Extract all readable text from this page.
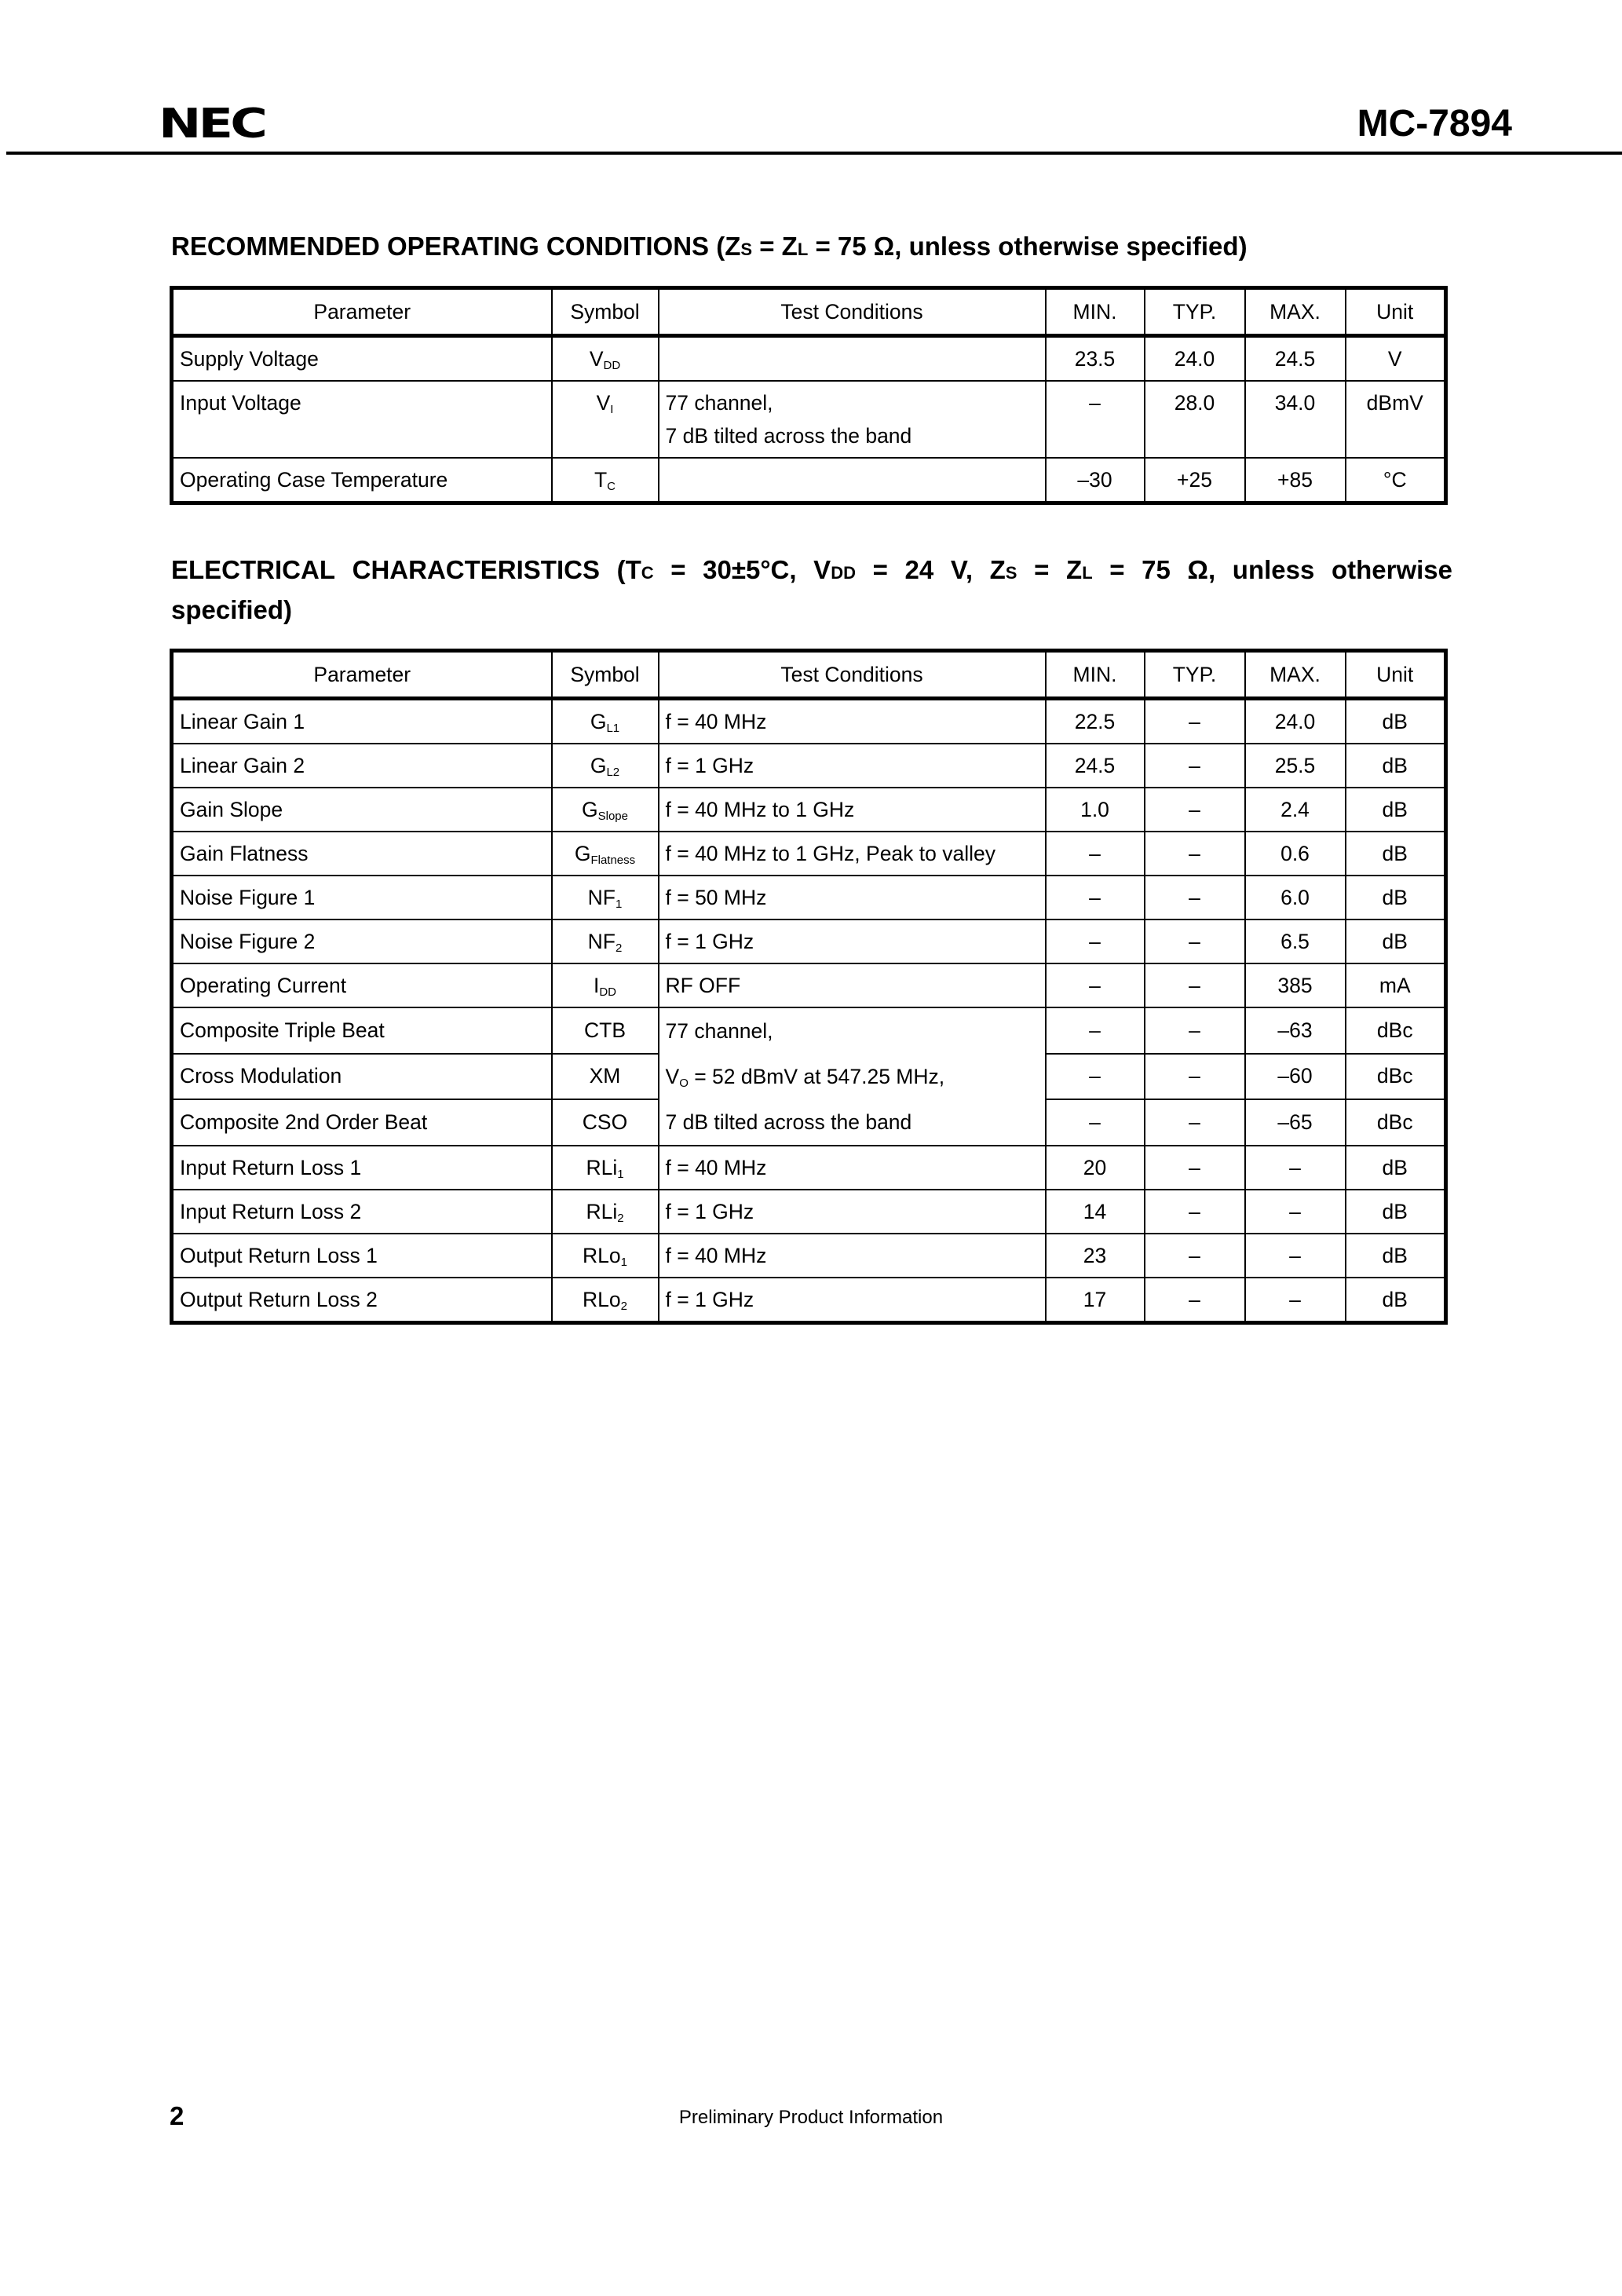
NEC	MC-7894
RECOMMENDED OPERATING CONDITIONS (ZS = ZL = 75 Ω, unless otherwise specified)
Parameter	Symbol	Test Conditions	MIN.	TYP.	MAX.	Unit
Supply Voltage	$V_{DD}$		23.5	24.0	24.5	V
Input Voltage	$V_I$	77 channel,
7 dB tilted across the band	–	28.0	34.0	dBmV
Operating Case Temperature	$T_C$		–30	+25	+85	°C
ELECTRICAL CHARACTERISTICS (TC = 30±5°C, VDD = 24 V, ZS = ZL = 75 Ω, unless otherwise
specified)
Parameter	Symbol	Test Conditions	MIN.	TYP.	MAX.	Unit
Linear Gain 1	$G_{L1}$	f = 40 MHz	22.5	–	24.0	dB
Linear Gain 2	$G_{L2}$	f = 1 GHz	24.5	–	25.5	dB
Gain Slope	$G_{Slope}$	f = 40 MHz to 1 GHz	1.0	–	2.4	dB
Gain Flatness	$G_{Flatness}$	f = 40 MHz to 1 GHz, Peak to valley	–	–	0.6	dB
Noise Figure 1	$NF_1$	f = 50 MHz	–	–	6.0	dB
Noise Figure 2	$NF_2$	f = 1 GHz	–	–	6.5	dB
Operating Current	$I_{DD}$	RF OFF	–	–	385	mA
Composite Triple Beat	CTB	77 channel,
$V_O = 52$ dBmV at 547.25 MHz,
7 dB tilted across the band	–	–	–63	dBc
Cross Modulation	XM		–	–	–60	dBc
Composite 2nd Order Beat	CSO		–	–	–65	dBc
Input Return Loss 1	RLi$_1$	f = 40 MHz	20	–	–	dB
Input Return Loss 2	RLi$_2$	f = 1 GHz	14	–	–	dB
Output Return Loss 1	RLo$_1$	f = 40 MHz	23	–	–	dB
Output Return Loss 2	RLo$_2$	f = 1 GHz	17	–	–	dB
2	Preliminary Product Information
